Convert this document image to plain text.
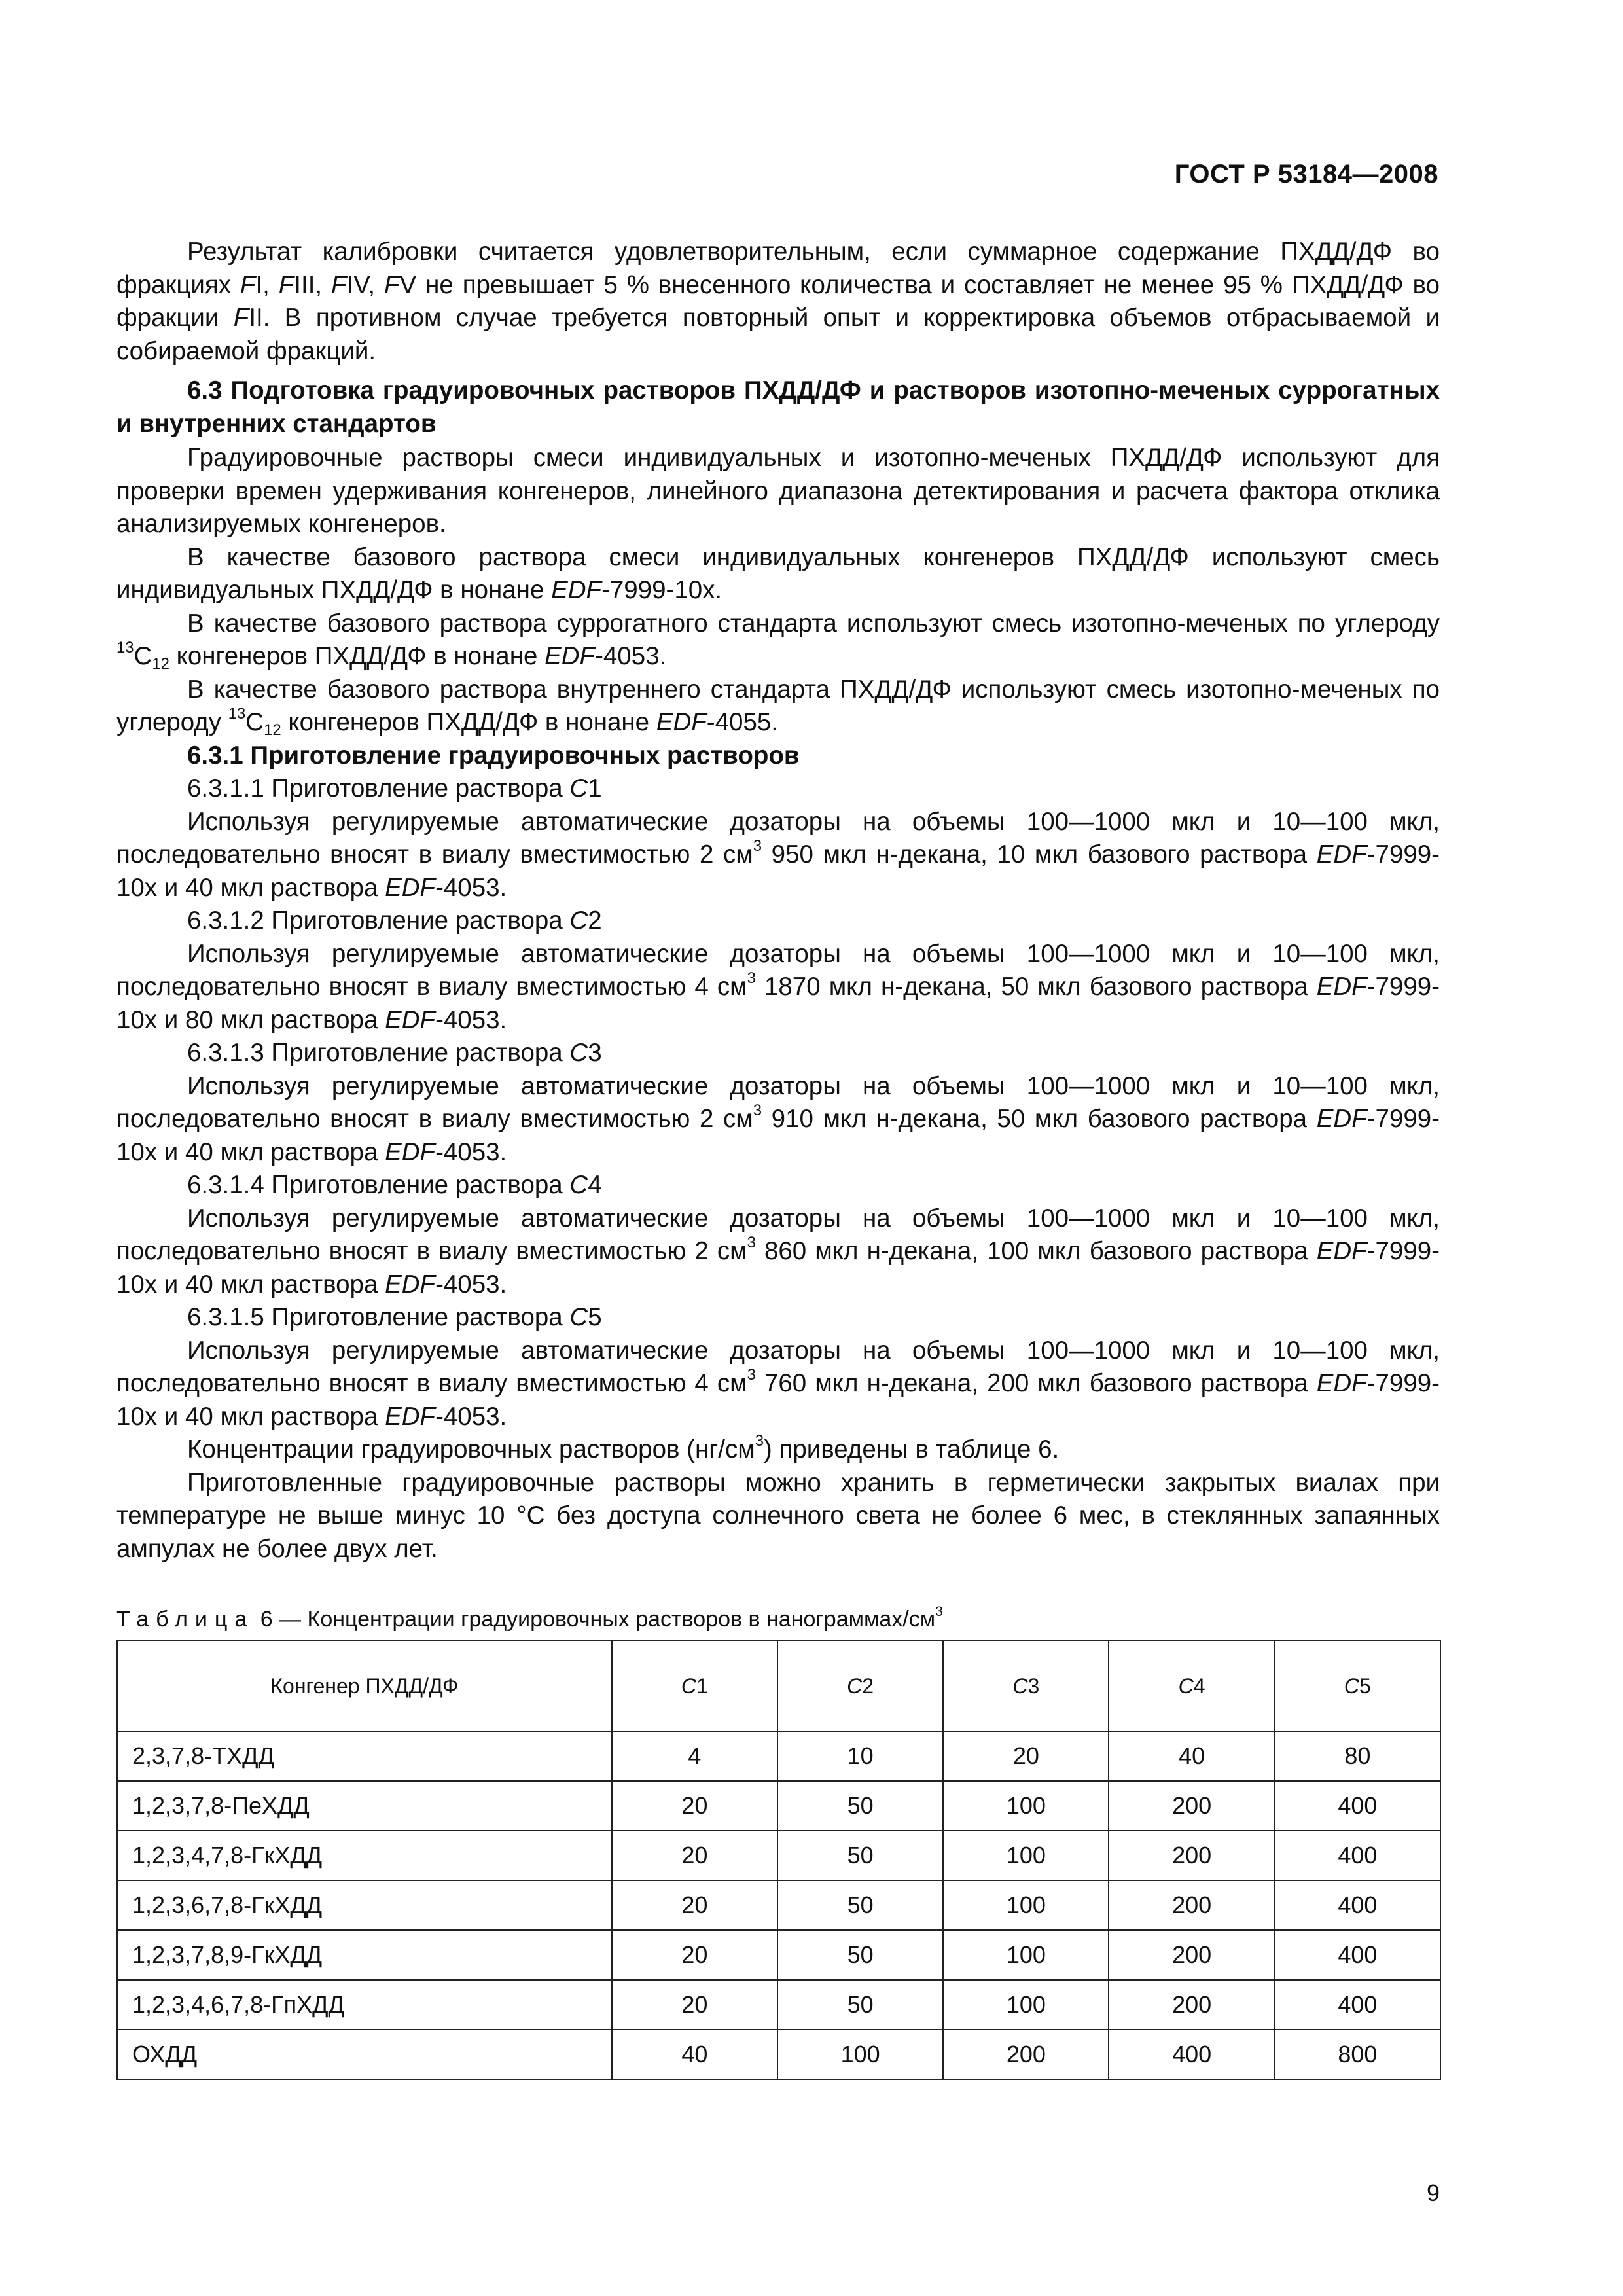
ГОСТ Р 53184—2008

Результат калибровки считается удовлетворительным, если суммарное содержание ПХДД/ДФ во фракциях FI, FIII, FIV, FV не превышает 5 % внесенного количества и составляет не менее 95 % ПХДД/ДФ во фракции FII. В противном случае требуется повторный опыт и корректировка объемов отбрасываемой и собираемой фракций.

6.3 Подготовка градуировочных растворов ПХДД/ДФ и растворов изотопно-меченых суррогатных и внутренних стандартов

Градуировочные растворы смеси индивидуальных и изотопно-меченых ПХДД/ДФ используют для проверки времен удерживания конгенеров, линейного диапазона детектирования и расчета фактора отклика анализируемых конгенеров.

В качестве базового раствора смеси индивидуальных конгенеров ПХДД/ДФ используют смесь индивидуальных ПХДД/ДФ в нонане EDF-7999-10х.

В качестве базового раствора суррогатного стандарта используют смесь изотопно-меченых по углероду $^{13}С_{12}$ конгенеров ПХДД/ДФ в нонане EDF-4053.

В качестве базового раствора внутреннего стандарта ПХДД/ДФ используют смесь изотопно-меченых по углероду $^{13}С_{12}$ конгенеров ПХДД/ДФ в нонане EDF-4055.

6.3.1 Приготовление градуировочных растворов

6.3.1.1 Приготовление раствора С1

Используя регулируемые автоматические дозаторы на объемы 100—1000 мкл и 10—100 мкл, последовательно вносят в виалу вместимостью 2 $см^3$ 950 мкл н-декана, 10 мкл базового раствора EDF-7999-10х и 40 мкл раствора EDF-4053.

6.3.1.2 Приготовление раствора С2

Используя регулируемые автоматические дозаторы на объемы 100—1000 мкл и 10—100 мкл, последовательно вносят в виалу вместимостью 4 $см^3$ 1870 мкл н-декана, 50 мкл базового раствора EDF-7999-10х и 80 мкл раствора EDF-4053.

6.3.1.3 Приготовление раствора С3

Используя регулируемые автоматические дозаторы на объемы 100—1000 мкл и 10—100 мкл, последовательно вносят в виалу вместимостью 2 $см^3$ 910 мкл н-декана, 50 мкл базового раствора EDF-7999-10х и 40 мкл раствора EDF-4053.

6.3.1.4 Приготовление раствора С4

Используя регулируемые автоматические дозаторы на объемы 100—1000 мкл и 10—100 мкл, последовательно вносят в виалу вместимостью 2 $см^3$ 860 мкл н-декана, 100 мкл базового раствора EDF-7999-10х и 40 мкл раствора EDF-4053.

6.3.1.5 Приготовление раствора С5

Используя регулируемые автоматические дозаторы на объемы 100—1000 мкл и 10—100 мкл, последовательно вносят в виалу вместимостью 4 $см^3$ 760 мкл н-декана, 200 мкл базового раствора EDF-7999-10х и 40 мкл раствора EDF-4053.

Концентрации градуировочных растворов $(нг/см^3)$ приведены в таблице 6.

Приготовленные градуировочные растворы можно хранить в герметически закрытых виалах при температуре не выше минус 10 °С без доступа солнечного света не более 6 мес, в стеклянных запаянных ампулах не более двух лет.

Таблица 6 — Концентрации градуировочных растворов в нанограммах/$см^3$
Конгенер ПХДД/ДФ	С1	С2	С3	С4	С5
2,3,7,8-ТХДД	4	10	20	40	80
1,2,3,7,8-ПеХДД	20	50	100	200	400
1,2,3,4,7,8-ГкХДД	20	50	100	200	400
1,2,3,6,7,8-ГкХДД	20	50	100	200	400
1,2,3,7,8,9-ГкХДД	20	50	100	200	400
1,2,3,4,6,7,8-ГпХДД	20	50	100	200	400
ОХДД	40	100	200	400	800
9
